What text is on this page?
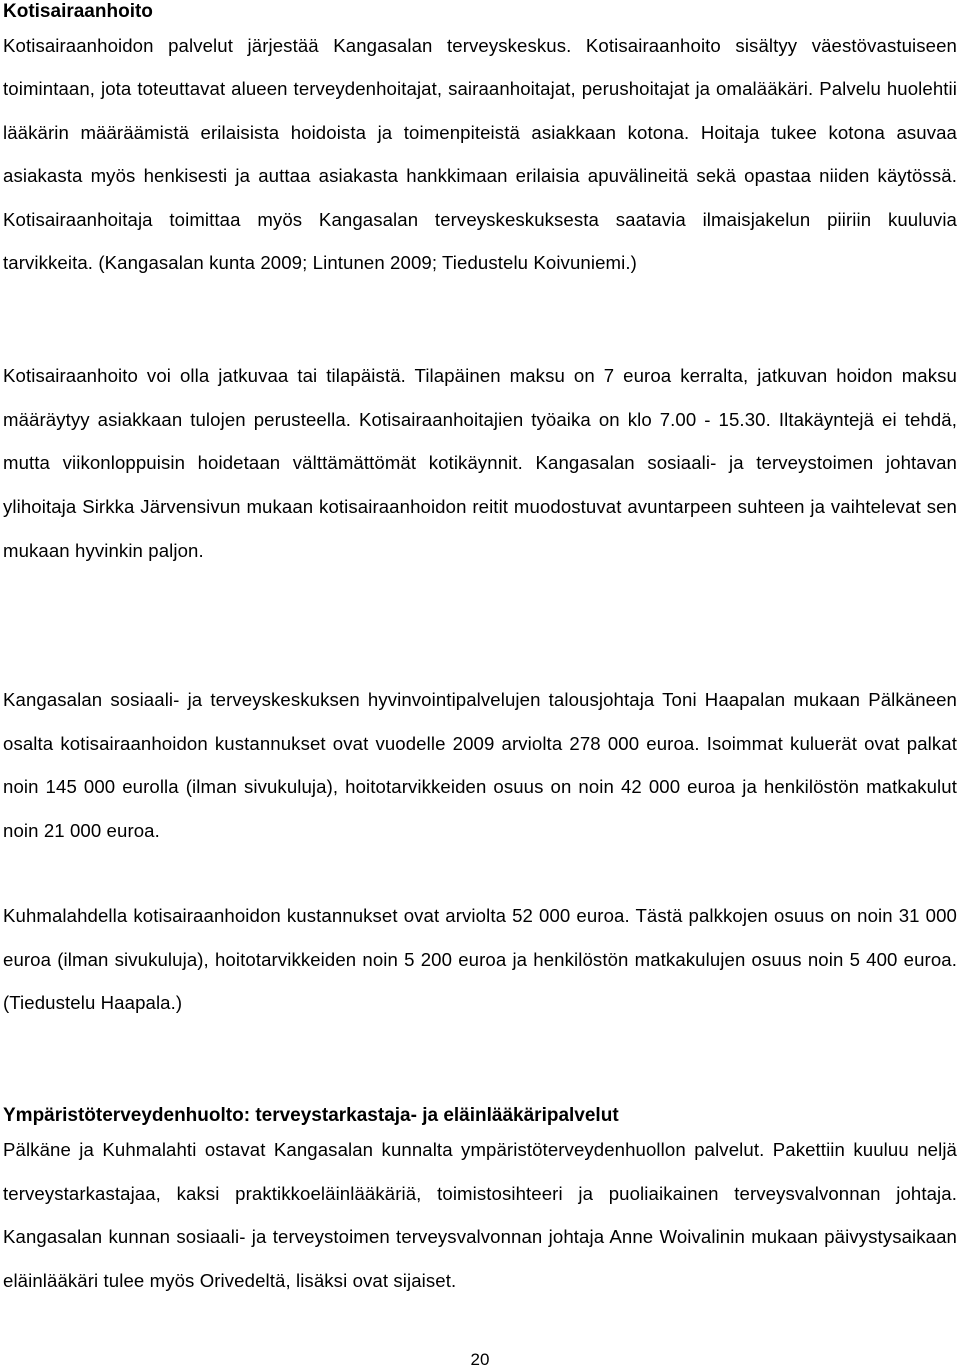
Kotisairaanhoito

Kotisairaanhoidon palvelut järjestää Kangasalan terveyskeskus. Kotisairaanhoito sisältyy väestövastuiseen toimintaan, jota toteuttavat alueen terveydenhoitajat, sairaanhoitajat, perushoitajat ja omalääkäri. Palvelu huolehtii lääkärin määräämistä erilaisista hoidoista ja toimenpiteistä asiakkaan kotona. Hoitaja tukee kotona asuvaa asiakasta myös henkisesti ja auttaa asiakasta hankkimaan erilaisia apuvälineitä sekä opastaa niiden käytössä. Kotisairaanhoitaja toimittaa myös Kangasalan terveyskeskuksesta saatavia ilmaisjakelun piiriin kuuluvia tarvikkeita. (Kangasalan kunta 2009; Lintunen 2009; Tiedustelu Koivuniemi.)

Kotisairaanhoito voi olla jatkuvaa tai tilapäistä. Tilapäinen maksu on 7 euroa kerralta, jatkuvan hoidon maksu määräytyy asiakkaan tulojen perusteella. Kotisairaanhoitajien työaika on klo 7.00 - 15.30. Iltakäyntejä ei tehdä, mutta viikonloppuisin hoidetaan välttämättömät kotikäynnit. Kangasalan sosiaali- ja terveystoimen johtavan ylihoitaja Sirkka Järvensivun mukaan kotisairaanhoidon reitit muodostuvat avuntarpeen suhteen ja vaihtelevat sen mukaan hyvinkin paljon.

Kangasalan sosiaali- ja terveyskeskuksen hyvinvointipalvelujen talousjohtaja Toni Haapalan mukaan Pälkäneen osalta kotisairaanhoidon kustannukset ovat vuodelle 2009 arviolta 278 000 euroa. Isoimmat kuluerät ovat palkat noin 145 000 eurolla (ilman sivukuluja), hoitotarvikkeiden osuus on noin 42 000 euroa ja henkilöstön matkakulut noin 21 000 euroa.

Kuhmalahdella kotisairaanhoidon kustannukset ovat arviolta 52 000 euroa. Tästä palkkojen osuus on noin 31 000 euroa (ilman sivukuluja), hoitotarvikkeiden noin 5 200 euroa ja henkilöstön matkakulujen osuus noin 5 400 euroa. (Tiedustelu Haapala.)

Ympäristöterveydenhuolto: terveystarkastaja- ja eläinlääkäripalvelut

Pälkäne ja Kuhmalahti ostavat Kangasalan kunnalta ympäristöterveydenhuollon palvelut. Pakettiin kuuluu neljä terveystarkastajaa, kaksi praktikkoeläinlääkäriä, toimistosihteeri ja puoliaikainen terveysvalvonnan johtaja. Kangasalan kunnan sosiaali- ja terveystoimen terveysvalvonnan johtaja Anne Woivalinin mukaan päivystysaikaan eläinlääkäri tulee myös Orivedeltä, lisäksi ovat sijaiset.

20
